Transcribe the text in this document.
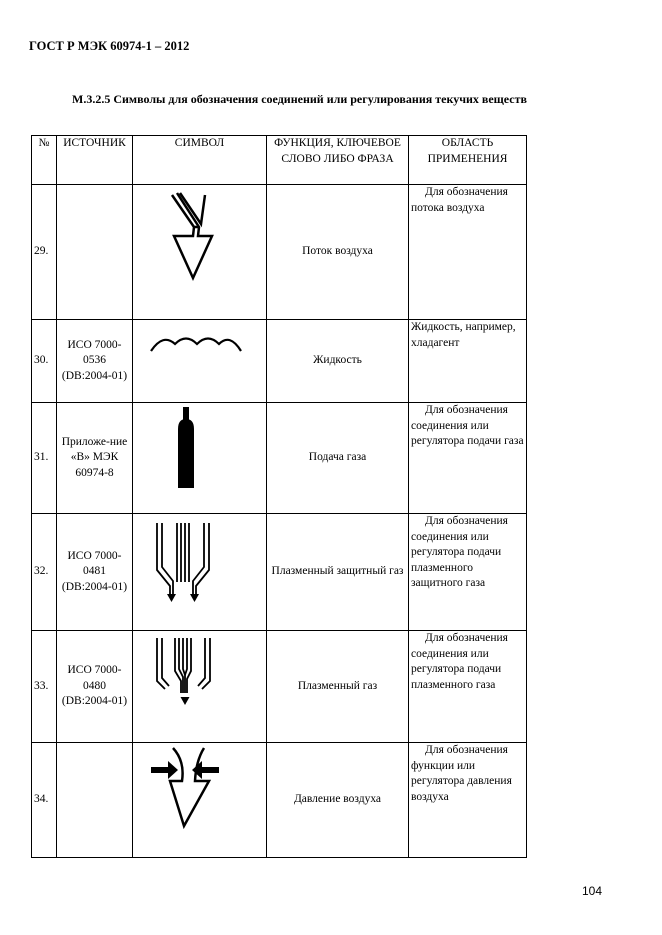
ГОСТ Р МЭК 60974-1 – 2012
М.3.2.5 Символы для обозначения соединений или регулирования текучих веществ
№	ИСТОЧНИК	СИМВОЛ	ФУНКЦИЯ, КЛЮЧЕВОЕ СЛОВО ЛИБО ФРАЗА	ОБЛАСТЬ ПРИМЕНЕНИЯ
29.			Поток воздуха	Для обозначения потока воздуха

30.	ИСО 7000-0536 (DB:2004-01)		Жидкость	Жидкость, например, хладагент

31.	Приложе-ние «В» МЭК 60974-8		Подача газа	Для обозначения соединения или регулятора подачи газа

32.	ИСО 7000-0481 (DB:2004-01)		Плазменный защитный газ	Для обозначения соединения или регулятора подачи плазменного защитного газа

33.	ИСО 7000-0480 (DB:2004-01)		Плазменный газ	Для обозначения соединения или регулятора подачи плазменного газа

34.			Давление воздуха	Для обозначения функции или регулятора давления воздуха
104
